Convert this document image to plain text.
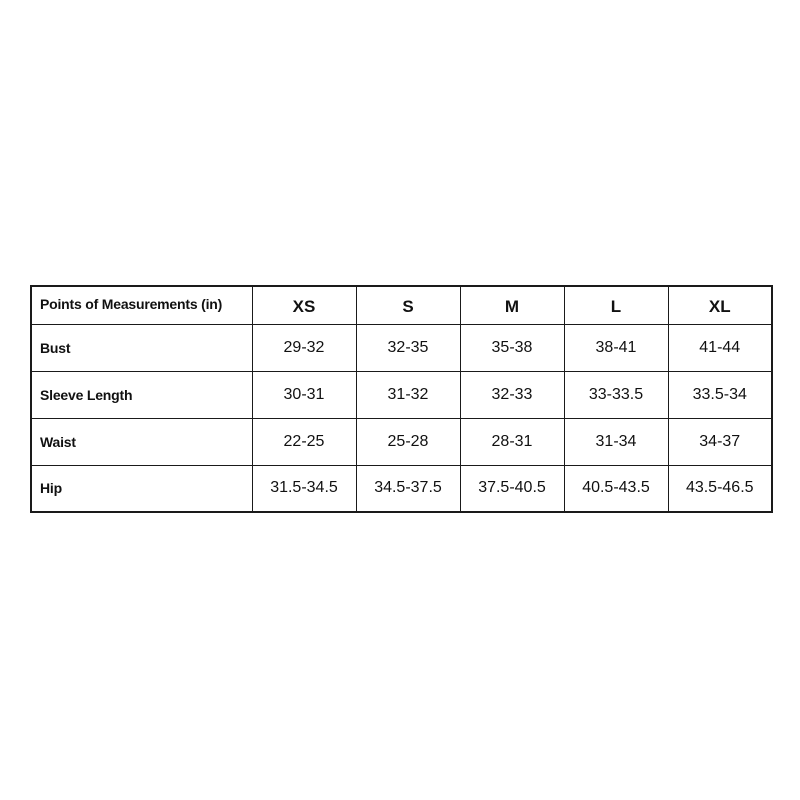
Points of Measurements (in)	XS	S	M	L	XL
Bust	29-32	32-35	35-38	38-41	41-44
Sleeve Length	30-31	31-32	32-33	33-33.5	33.5-34
Waist	22-25	25-28	28-31	31-34	34-37
Hip	31.5-34.5	34.5-37.5	37.5-40.5	40.5-43.5	43.5-46.5
